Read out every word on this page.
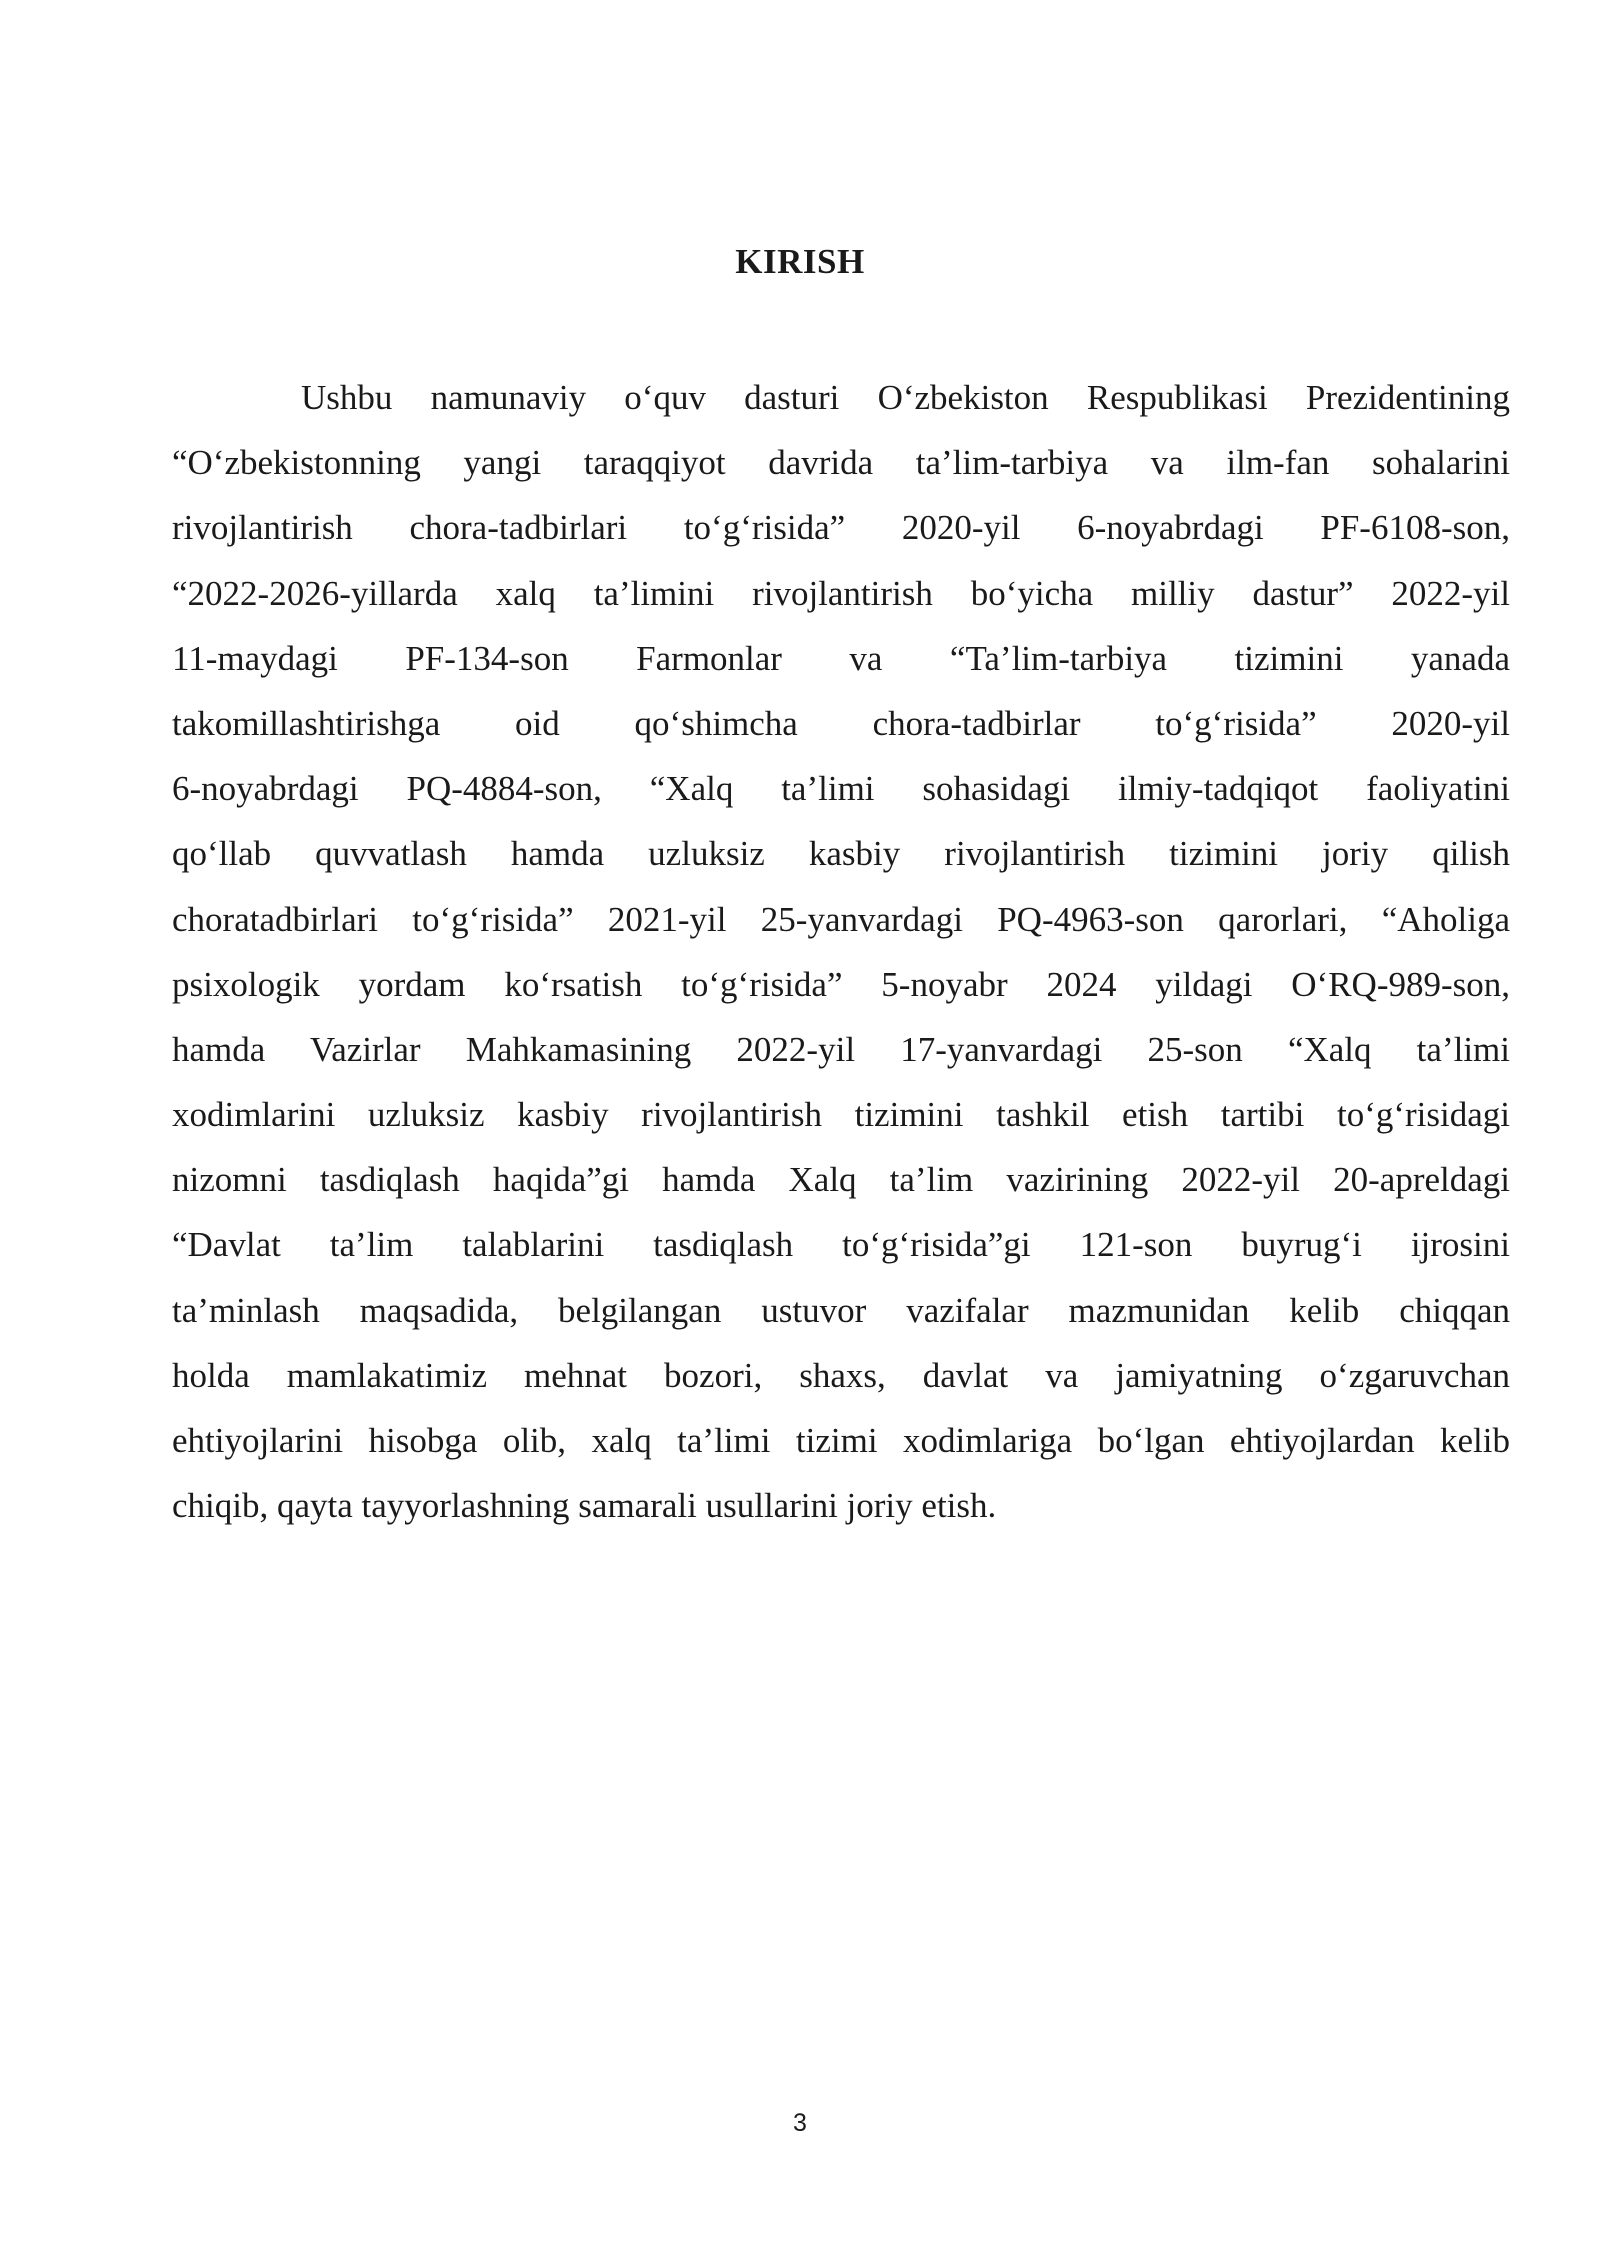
KIRISH
Ushbu namunaviy o‘quv dasturi O‘zbekiston Respublikasi Prezidentining
“O‘zbekistonning yangi taraqqiyot davrida ta’lim-tarbiya va ilm-fan sohalarini
rivojlantirish chora-tadbirlari to‘g‘risida” 2020-yil 6-noyabrdagi PF-6108-son,
“2022-2026-yillarda xalq ta’limini rivojlantirish bo‘yicha milliy dastur” 2022-yil
11-maydagi PF-134-son Farmonlar va “Ta’lim-tarbiya tizimini yanada
takomillashtirishga oid qo‘shimcha chora-tadbirlar to‘g‘risida” 2020-yil
6-noyabrdagi PQ-4884-son, “Xalq ta’limi sohasidagi ilmiy-tadqiqot faoliyatini
qo‘llab quvvatlash hamda uzluksiz kasbiy rivojlantirish tizimini joriy qilish
choratadbirlari to‘g‘risida” 2021-yil 25-yanvardagi PQ-4963-son qarorlari, “Aholiga
psixologik yordam ko‘rsatish to‘g‘risida” 5-noyabr 2024 yildagi O‘RQ-989-son,
hamda Vazirlar Mahkamasining 2022-yil 17-yanvardagi 25-son “Xalq ta’limi
xodimlarini uzluksiz kasbiy rivojlantirish tizimini tashkil etish tartibi to‘g‘risidagi
nizomni tasdiqlash haqida”gi hamda Xalq ta’lim vazirining 2022-yil 20-apreldagi
“Davlat ta’lim talablarini tasdiqlash to‘g‘risida”gi 121-son buyrug‘i ijrosini
ta’minlash maqsadida, belgilangan ustuvor vazifalar mazmunidan kelib chiqqan
holda mamlakatimiz mehnat bozori, shaxs, davlat va jamiyatning o‘zgaruvchan
ehtiyojlarini hisobga olib, xalq ta’limi tizimi xodimlariga bo‘lgan ehtiyojlardan kelib
chiqib, qayta tayyorlashning samarali usullarini joriy etish.
3
